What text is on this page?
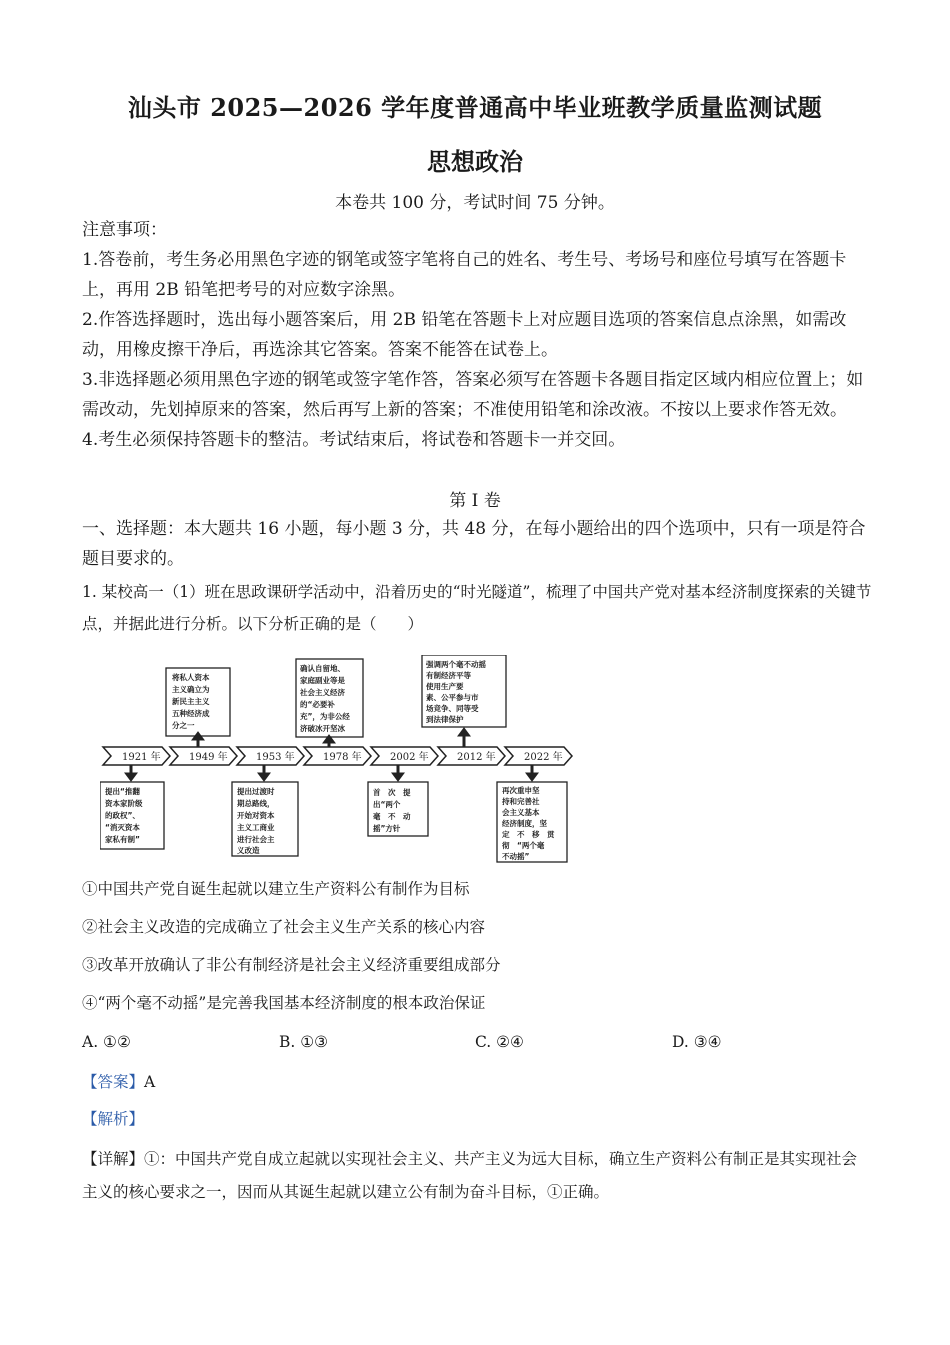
汕头市 2025—2026 学年度普通高中毕业班教学质量监测试题
思想政治
本卷共 100 分，考试时间 75 分钟。
注意事项：

1.答卷前，考生务必用黑色字迹的钢笔或签字笔将自己的姓名、考生号、考场号和座位号填写在答题卡上，再用 2B 铅笔把考号的对应数字涂黑。

2.作答选择题时，选出每小题答案后，用 2B 铅笔在答题卡上对应题目选项的答案信息点涂黑，如需改动，用橡皮擦干净后，再选涂其它答案。答案不能答在试卷上。

3.非选择题必须用黑色字迹的钢笔或签字笔作答，答案必须写在答题卡各题目指定区域内相应位置上；如需改动，先划掉原来的答案，然后再写上新的答案；不准使用铅笔和涂改液。不按以上要求作答无效。

4.考生必须保持答题卡的整洁。考试结束后，将试卷和答题卡一并交回。

第 I 卷

一、选择题：本大题共 16 小题，每小题 3 分，共 48 分，在每小题给出的四个选项中，只有一项是符合题目要求的。

1. 某校高一（1）班在思政课研学活动中，沿着历史的“时光隧道”，梳理了中国共产党对基本经济制度探索的关键节点，并据此进行分析。以下分析正确的是（　　）

将私人资本
主义确立为
新民主主义
五种经济成
分之一
确认自留地、
家庭副业等是
社会主义经济
的“必要补
充”，为非公经
济破冰开坚冰
强调两个毫不动摇
有制经济平等
使用生产要
素、公平参与市
场竞争、同等受
到法律保护
1921 年	1949 年	1953 年	1978 年	2002 年	2012 年	2022 年
提出“推翻
资本家阶级
的政权”、
“消灭资本
家私有制”
提出过渡时
期总路线，
开始对资本
主义工商业
进行社会主
义改造
首　次　提
出“两个
毫　不　动
摇”方针
再次重申坚
持和完善社
会主义基本
经济制度，坚
定　不　移　贯
彻　“两个毫
不动摇”

①中国共产党自诞生起就以建立生产资料公有制作为目标

②社会主义改造的完成确立了社会主义生产关系的核心内容

③改革开放确认了非公有制经济是社会主义经济重要组成部分

④“两个毫不动摇”是完善我国基本经济制度的根本政治保证

A. ①②	B. ①③	C. ②④	D. ③④
【答案】A
【解析】

【详解】①：中国共产党自成立起就以实现社会主义、共产主义为远大目标，确立生产资料公有制正是其实现社会主义的核心要求之一，因而从其诞生起就以建立公有制为奋斗目标，①正确。
